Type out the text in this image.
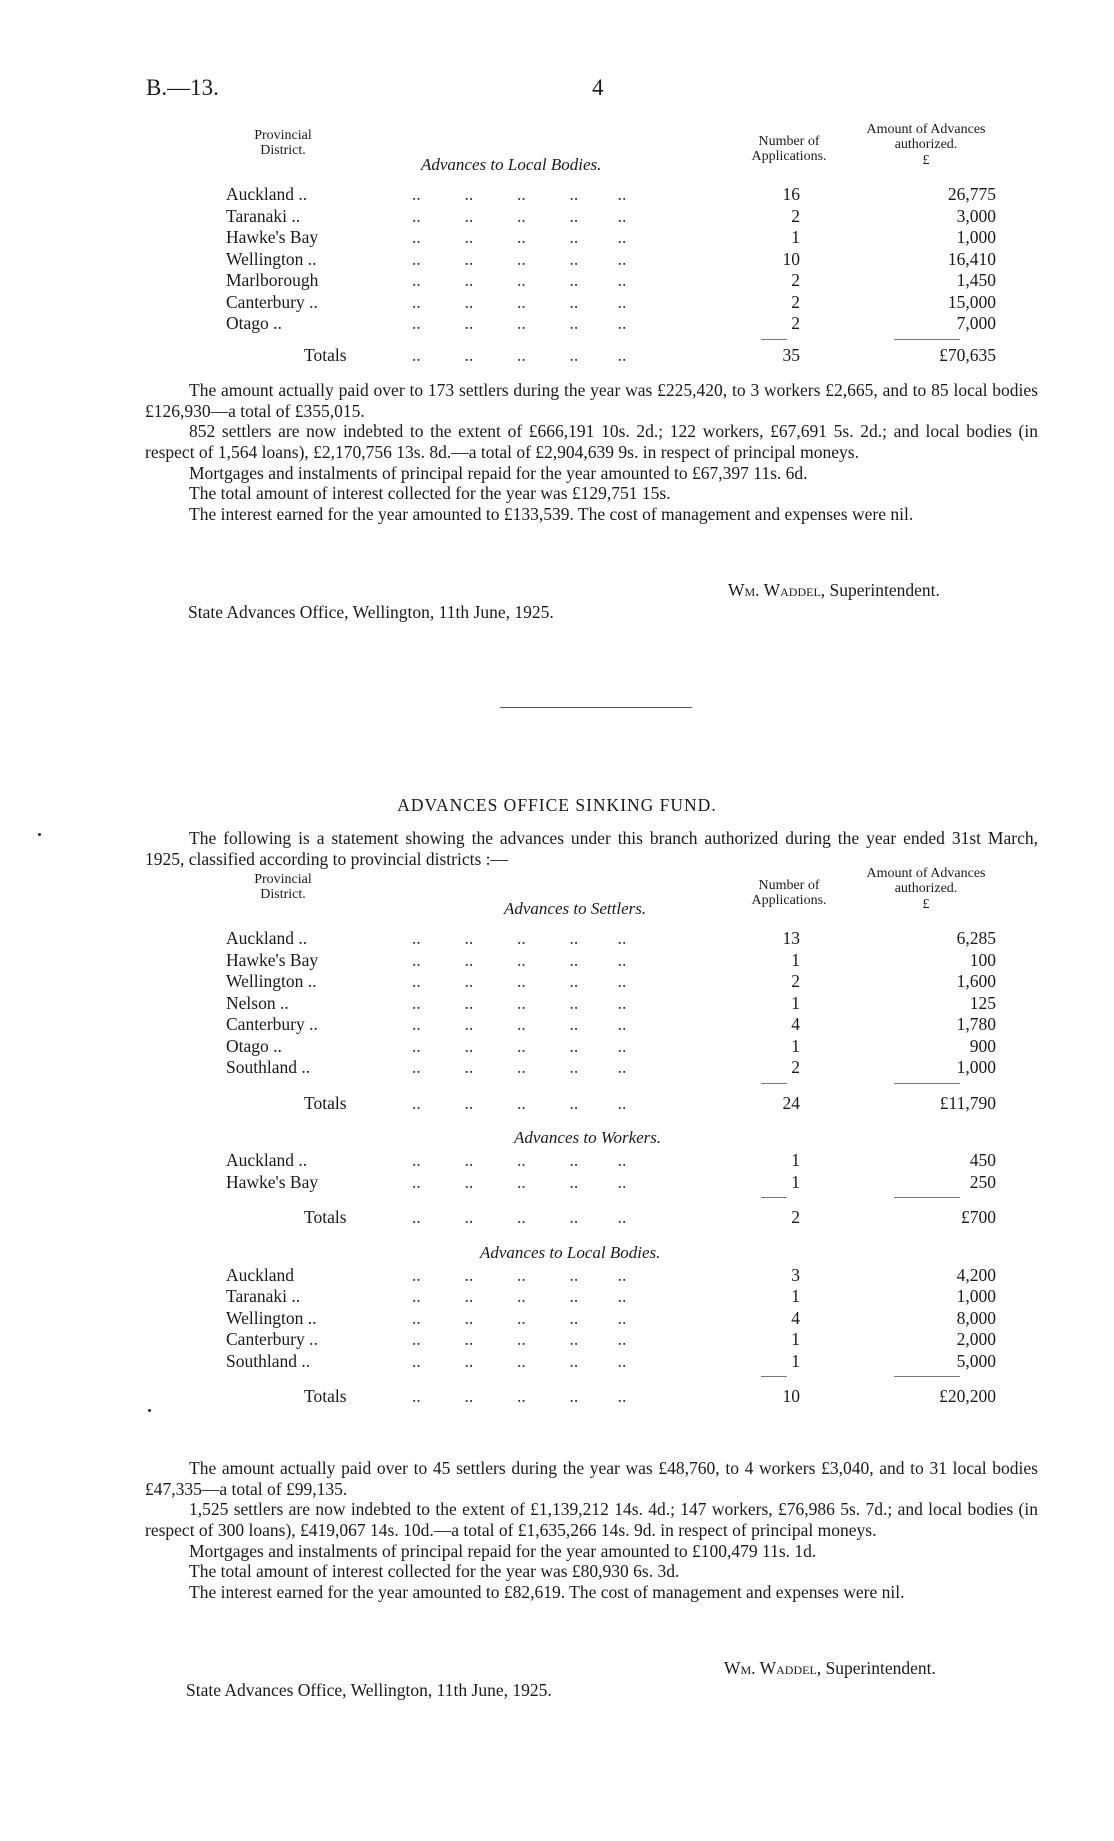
B.—13.	4
Provincial District.
Advances to Local Bodies.
Number of Applications.
Amount of Advances authorized.
£
Auckland ..	..          ..          ..          ..         ..	16	26,775
Taranaki ..	..          ..          ..          ..         ..	2	3,000
Hawke's Bay	..          ..          ..          ..         ..	1	1,000
Wellington ..	..          ..          ..          ..         ..	10	16,410
Marlborough	..          ..          ..          ..         ..	2	1,450
Canterbury ..	..          ..          ..          ..         ..	2	15,000
Otago ..	..          ..          ..          ..         ..	2	7,000
Totals	..          ..          ..          ..         ..	35	£70,635

The amount actually paid over to 173 settlers during the year was £225,420, to 3 workers £2,665, and to 85 local bodies £126,930—a total of £355,015.

852 settlers are now indebted to the extent of £666,191 10s. 2d.; 122 workers, £67,691 5s. 2d.; and local bodies (in respect of 1,564 loans), £2,170,756 13s. 8d.—a total of £2,904,639 9s. in respect of principal moneys.

Mortgages and instalments of principal repaid for the year amounted to £67,397 11s. 6d.

The total amount of interest collected for the year was £129,751 15s.

The interest earned for the year amounted to £133,539. The cost of management and expenses were nil.

Wm. Waddel, Superintendent.
State Advances Office, Wellington, 11th June, 1925.
ADVANCES OFFICE SINKING FUND.

The following is a statement showing the advances under this branch authorized during the year ended 31st March, 1925, classified according to provincial districts :—

Provincial District.
Advances to Settlers.
Number of Applications.
Amount of Advances authorized.
£
Auckland ..	..          ..          ..          ..         ..	13	6,285
Hawke's Bay	..          ..          ..          ..         ..	1	100
Wellington ..	..          ..          ..          ..         ..	2	1,600
Nelson ..	..          ..          ..          ..         ..	1	125
Canterbury ..	..          ..          ..          ..         ..	4	1,780
Otago ..	..          ..          ..          ..         ..	1	900
Southland ..	..          ..          ..          ..         ..	2	1,000
Totals	..          ..          ..          ..         ..	24	£11,790
Advances to Workers.
Auckland ..	..          ..          ..          ..         ..	1	450
Hawke's Bay	..          ..          ..          ..         ..	1	250
Totals	..          ..          ..          ..         ..	2	£700
Advances to Local Bodies.
Auckland	..          ..          ..          ..         ..	3	4,200
Taranaki ..	..          ..          ..          ..         ..	1	1,000
Wellington ..	..          ..          ..          ..         ..	4	8,000
Canterbury ..	..          ..          ..          ..         ..	1	2,000
Southland ..	..          ..          ..          ..         ..	1	5,000
Totals	..          ..          ..          ..         ..	10	£20,200

The amount actually paid over to 45 settlers during the year was £48,760, to 4 workers £3,040, and to 31 local bodies £47,335—a total of £99,135.

1,525 settlers are now indebted to the extent of £1,139,212 14s. 4d.; 147 workers, £76,986 5s. 7d.; and local bodies (in respect of 300 loans), £419,067 14s. 10d.—a total of £1,635,266 14s. 9d. in respect of principal moneys.

Mortgages and instalments of principal repaid for the year amounted to £100,479 11s. 1d.

The total amount of interest collected for the year was £80,930 6s. 3d.

The interest earned for the year amounted to £82,619. The cost of management and expenses were nil.

Wm. Waddel, Superintendent.
State Advances Office, Wellington, 11th June, 1925.
